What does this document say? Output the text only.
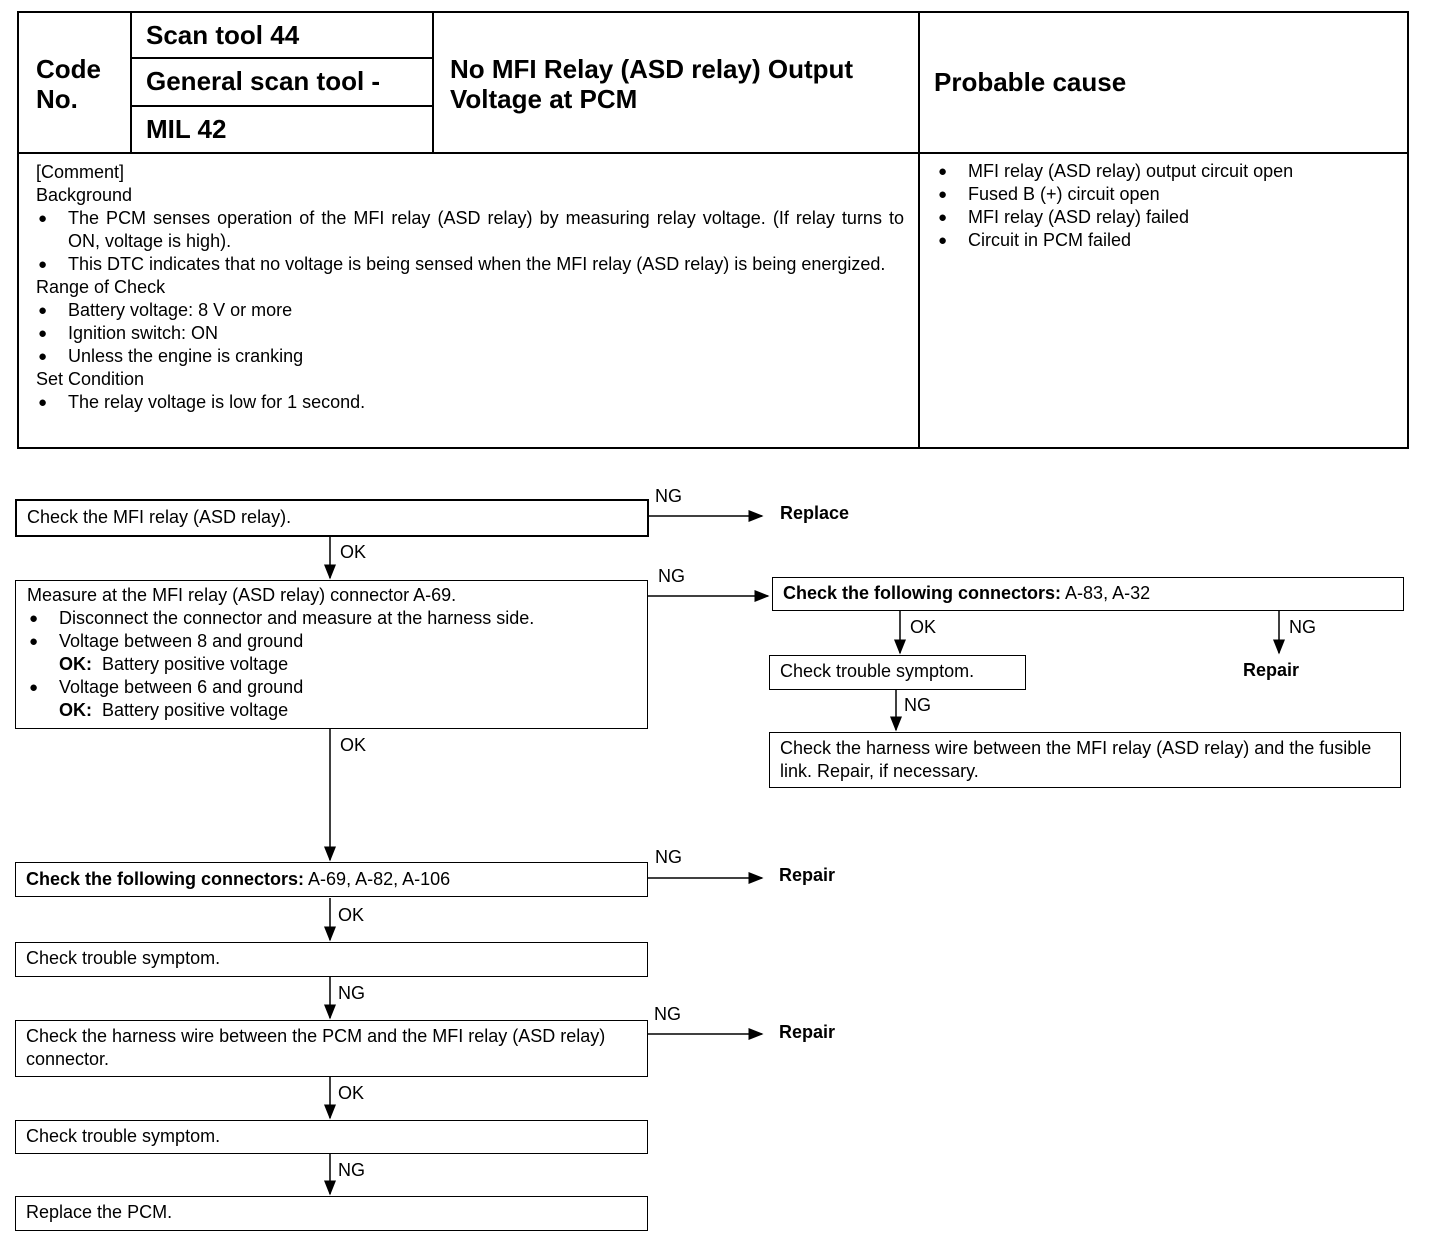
Code No.
Scan tool 44
General scan tool -
MIL 42
No MFI Relay (ASD relay) Output Voltage at PCM
Probable cause
[Comment]
Background
● The PCM senses operation of the MFI relay (ASD relay) by measuring relay voltage. (If relay turns to ON, voltage is high).
● This DTC indicates that no voltage is being sensed when the MFI relay (ASD relay) is being energized.
Range of Check
● Battery voltage: 8 V or more
● Ignition switch: ON
● Unless the engine is cranking
Set Condition
● The relay voltage is low for 1 second.
● MFI relay (ASD relay) output circuit open
● Fused B (+) circuit open
● MFI relay (ASD relay) failed
● Circuit in PCM failed
Check the MFI relay (ASD relay).
NG
Replace
OK
Measure at the MFI relay (ASD relay) connector A-69.
● Disconnect the connector and measure at the harness side.
● Voltage between 8 and ground
OK: Battery positive voltage
● Voltage between 6 and ground
OK: Battery positive voltage
NG
OK
Check the following connectors: A-83, A-32
OK	NG
Repair
Check trouble symptom.
NG
Check the harness wire between the MFI relay (ASD relay) and the fusible link. Repair, if necessary.
Check the following connectors: A-69, A-82, A-106
NG
Repair
OK
Check trouble symptom.
NG
Check the harness wire between the PCM and the MFI relay (ASD relay) connector.
NG
Repair
OK
Check trouble symptom.
NG
Replace the PCM.
